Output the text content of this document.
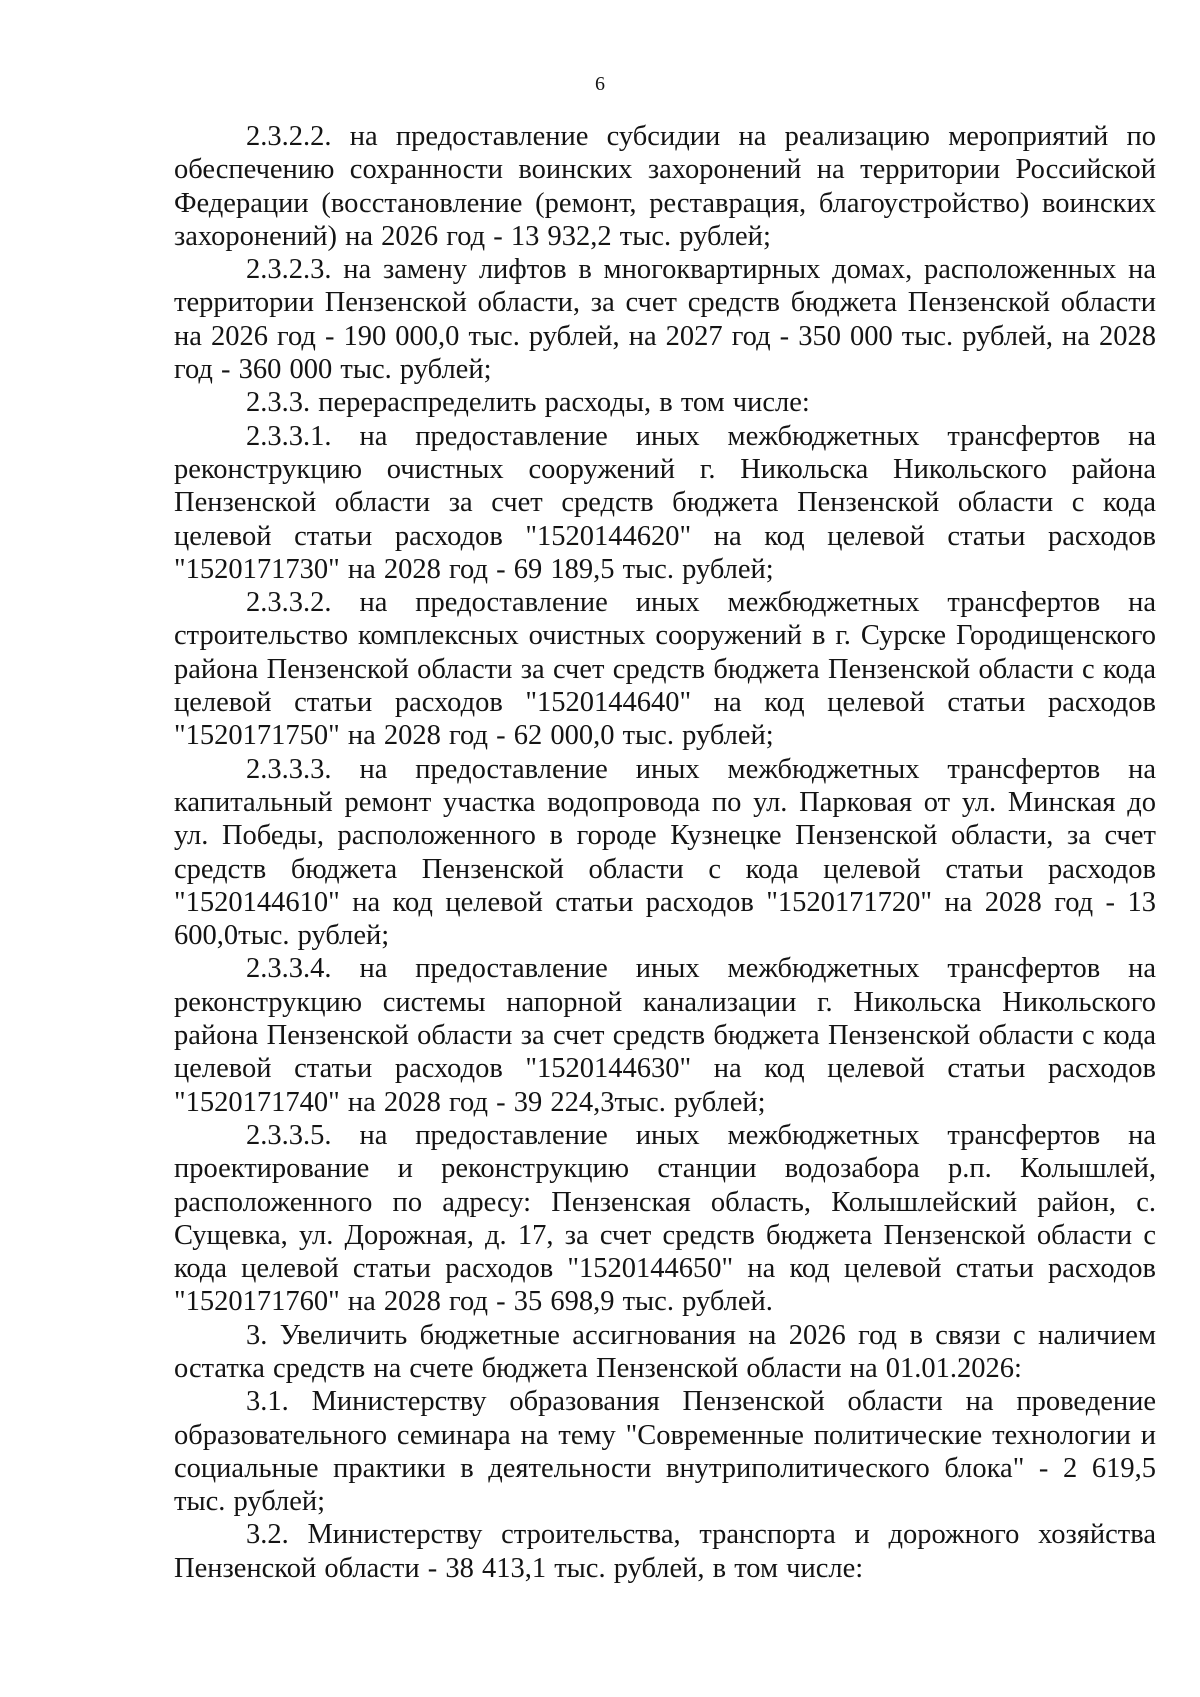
6

2.3.2.2. на предоставление субсидии на реализацию мероприятий по обеспечению сохранности воинских захоронений на территории Российской Федерации (восстановление (ремонт, реставрация, благоустройство) воинских захоронений) на 2026 год - 13 932,2 тыс. рублей;

2.3.2.3. на замену лифтов в многоквартирных домах, расположенных на территории Пензенской области, за счет средств бюджета Пензенской области на 2026 год - 190 000,0 тыс. рублей, на 2027 год - 350 000 тыс. рублей, на 2028 год - 360 000 тыс. рублей;

2.3.3. перераспределить расходы, в том числе:

2.3.3.1. на предоставление иных межбюджетных трансфертов на реконструкцию очистных сооружений г. Никольска Никольского района Пензенской области за счет средств бюджета Пензенской области с кода целевой статьи расходов "1520144620" на код целевой статьи расходов "1520171730" на 2028 год - 69 189,5 тыс. рублей;

2.3.3.2. на предоставление иных межбюджетных трансфертов на строительство комплексных очистных сооружений в г. Сурске Городищенского района Пензенской области за счет средств бюджета Пензенской области с кода целевой статьи расходов "1520144640" на код целевой статьи расходов "1520171750" на 2028 год - 62 000,0 тыс. рублей;

2.3.3.3. на предоставление иных межбюджетных трансфертов на капитальный ремонт участка водопровода по ул. Парковая от ул. Минская до ул. Победы, расположенного в городе Кузнецке Пензенской области, за счет средств бюджета Пензенской области с кода целевой статьи расходов "1520144610" на код целевой статьи расходов "1520171720" на 2028 год - 13 600,0тыс. рублей;

2.3.3.4. на предоставление иных межбюджетных трансфертов на реконструкцию системы напорной канализации г. Никольска Никольского района Пензенской области за счет средств бюджета Пензенской области с кода целевой статьи расходов "1520144630" на код целевой статьи расходов "1520171740" на 2028 год - 39 224,3тыс. рублей;

2.3.3.5. на предоставление иных межбюджетных трансфертов на проектирование и реконструкцию станции водозабора р.п. Колышлей, расположенного по адресу: Пензенская область, Колышлейский район, с. Сущевка, ул. Дорожная, д. 17, за счет средств бюджета Пензенской области с кода целевой статьи расходов "1520144650" на код целевой статьи расходов "1520171760" на 2028 год - 35 698,9 тыс. рублей.

3. Увеличить бюджетные ассигнования на 2026 год в связи с наличием остатка средств на счете бюджета Пензенской области на 01.01.2026:

3.1. Министерству образования Пензенской области на проведение образовательного семинара на тему "Современные политические технологии и социальные практики в деятельности внутриполитического блока" - 2 619,5 тыс. рублей;

3.2. Министерству строительства, транспорта и дорожного хозяйства Пензенской области - 38 413,1 тыс. рублей, в том числе:
